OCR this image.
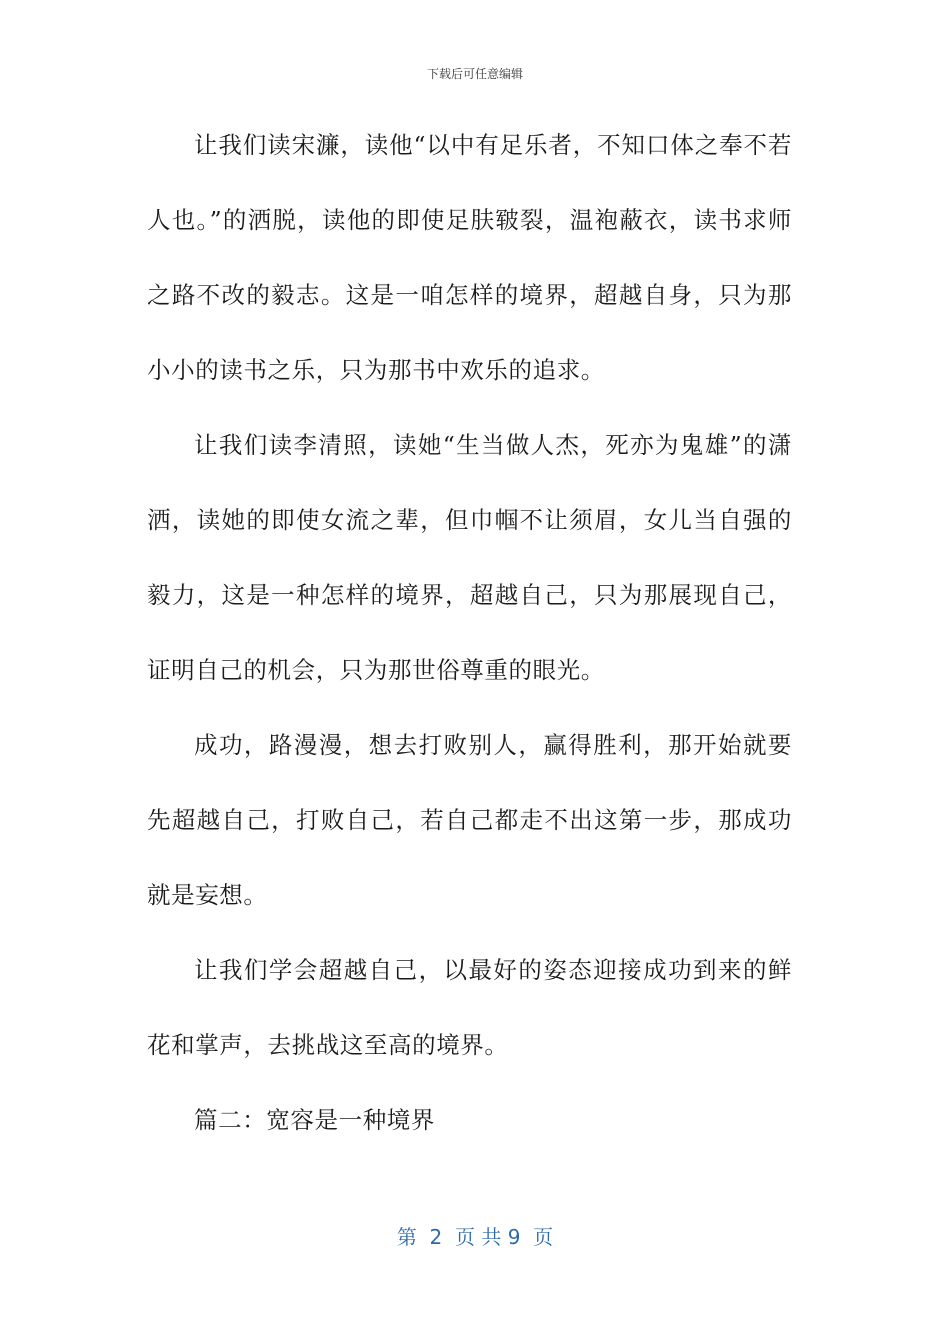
下载后可任意编辑

让我们读宋濂，读他“以中有足乐者，不知口体之奉不若人也。”的洒脱，读他的即使足肤皲裂，温袍蔽衣，读书求师之路不改的毅志。这是一咱怎样的境界，超越自身，只为那小小的读书之乐，只为那书中欢乐的追求。

让我们读李清照，读她“生当做人杰，死亦为鬼雄”的潇洒，读她的即使女流之辈，但巾帼不让须眉，女儿当自强的毅力，这是一种怎样的境界，超越自己，只为那展现自己，证明自己的机会，只为那世俗尊重的眼光。

成功，路漫漫，想去打败别人，赢得胜利，那开始就要先超越自己，打败自己，若自己都走不出这第一步，那成功就是妄想。

让我们学会超越自己，以最好的姿态迎接成功到来的鲜花和掌声，去挑战这至高的境界。

篇二：宽容是一种境界

第  2  页 共 9  页
